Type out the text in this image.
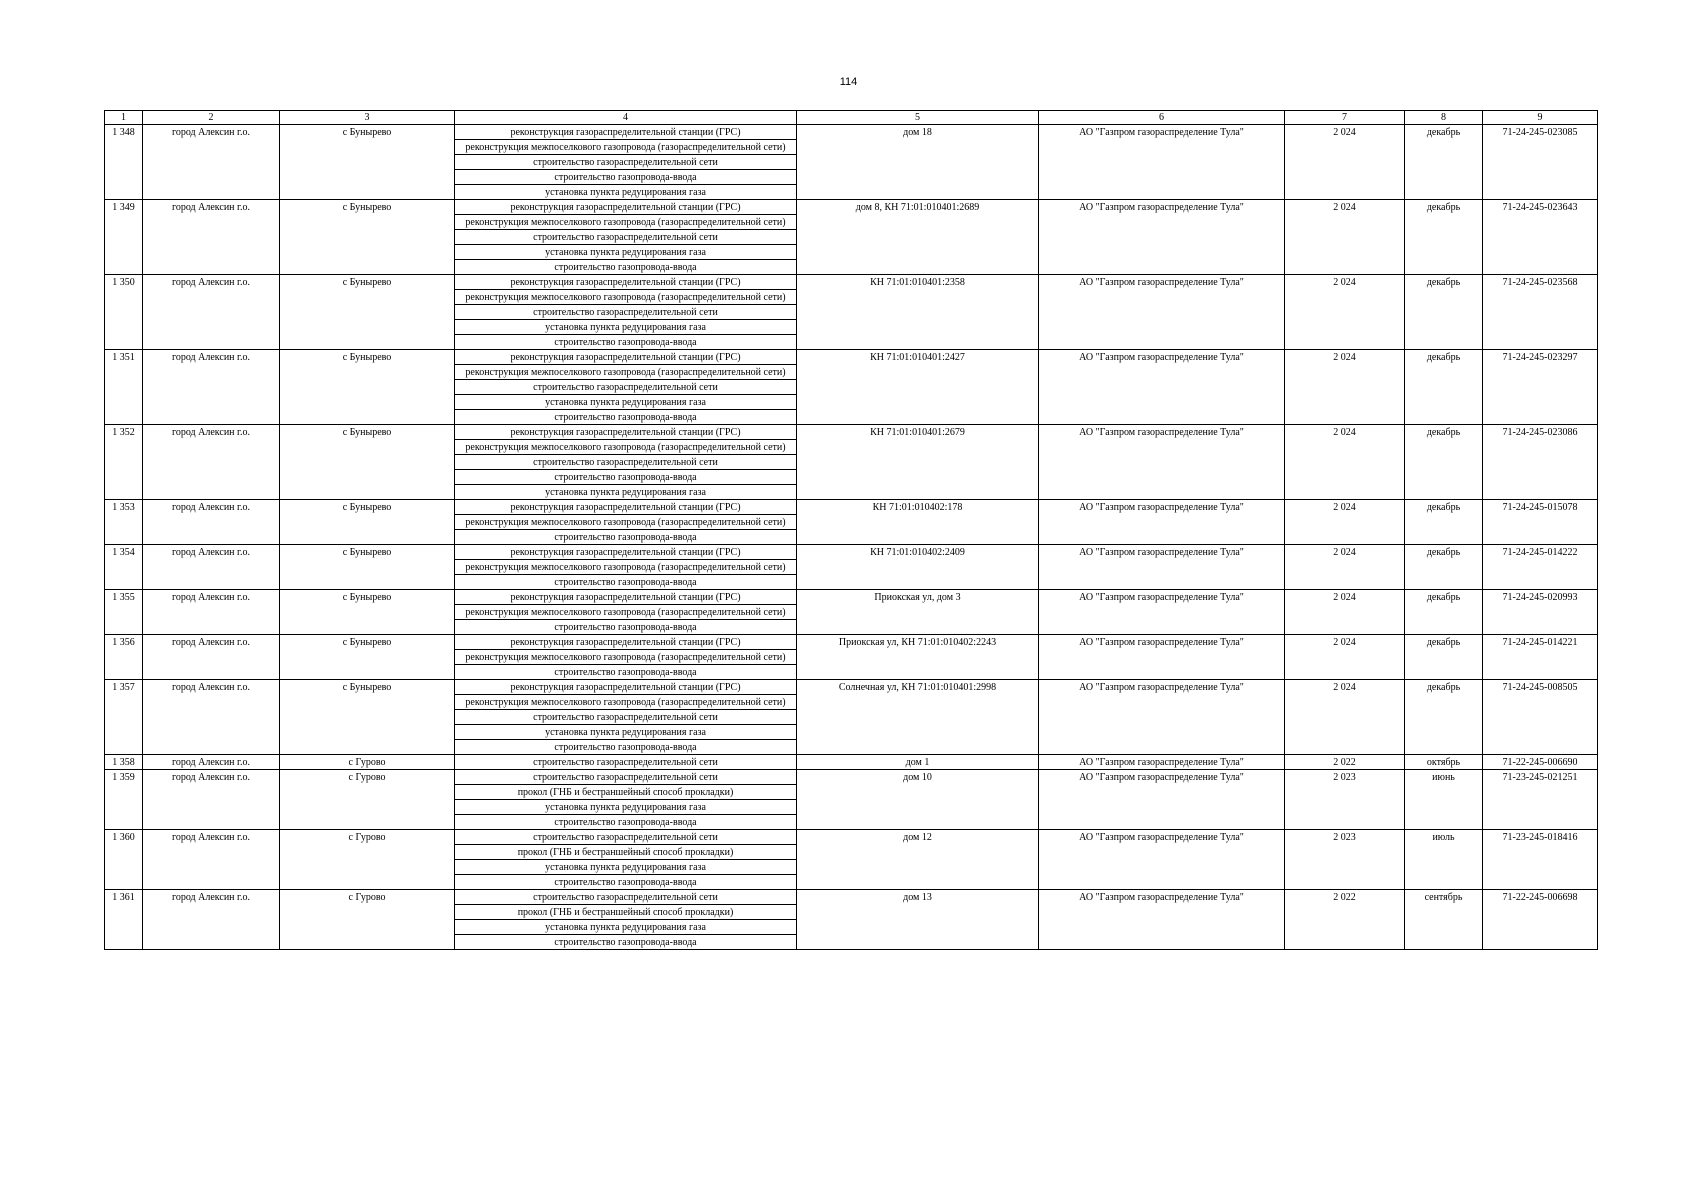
114
1	2	3	4	5	6	7	8	9
1 348	город Алексин г.о.	с Бунырево	реконструкция газораспределительной станции (ГРС)
реконструкция межпоселкового газопровода (газораспределительной сети)
строительство газораспределительной сети
строительство газопровода-ввода
установка пункта редуцирования газа	дом 18	АО "Газпром газораспределение Тула"	2 024	декабрь	71-24-245-023085
1 349	город Алексин г.о.	с Бунырево	реконструкция газораспределительной станции (ГРС)
реконструкция межпоселкового газопровода (газораспределительной сети)
строительство газораспределительной сети
установка пункта редуцирования газа
строительство газопровода-ввода	дом 8, КН 71:01:010401:2689	АО "Газпром газораспределение Тула"	2 024	декабрь	71-24-245-023643
1 350	город Алексин г.о.	с Бунырево	реконструкция газораспределительной станции (ГРС)
реконструкция межпоселкового газопровода (газораспределительной сети)
строительство газораспределительной сети
установка пункта редуцирования газа
строительство газопровода-ввода	КН 71:01:010401:2358	АО "Газпром газораспределение Тула"	2 024	декабрь	71-24-245-023568
1 351	город Алексин г.о.	с Бунырево	реконструкция газораспределительной станции (ГРС)
реконструкция межпоселкового газопровода (газораспределительной сети)
строительство газораспределительной сети
установка пункта редуцирования газа
строительство газопровода-ввода	КН 71:01:010401:2427	АО "Газпром газораспределение Тула"	2 024	декабрь	71-24-245-023297
1 352	город Алексин г.о.	с Бунырево	реконструкция газораспределительной станции (ГРС)
реконструкция межпоселкового газопровода (газораспределительной сети)
строительство газораспределительной сети
строительство газопровода-ввода
установка пункта редуцирования газа	КН 71:01:010401:2679	АО "Газпром газораспределение Тула"	2 024	декабрь	71-24-245-023086
1 353	город Алексин г.о.	с Бунырево	реконструкция газораспределительной станции (ГРС)
реконструкция межпоселкового газопровода (газораспределительной сети)
строительство газопровода-ввода	КН 71:01:010402:178	АО "Газпром газораспределение Тула"	2 024	декабрь	71-24-245-015078
1 354	город Алексин г.о.	с Бунырево	реконструкция газораспределительной станции (ГРС)
реконструкция межпоселкового газопровода (газораспределительной сети)
строительство газопровода-ввода	КН 71:01:010402:2409	АО "Газпром газораспределение Тула"	2 024	декабрь	71-24-245-014222
1 355	город Алексин г.о.	с Бунырево	реконструкция газораспределительной станции (ГРС)
реконструкция межпоселкового газопровода (газораспределительной сети)
строительство газопровода-ввода	Приокская ул, дом 3	АО "Газпром газораспределение Тула"	2 024	декабрь	71-24-245-020993
1 356	город Алексин г.о.	с Бунырево	реконструкция газораспределительной станции (ГРС)
реконструкция межпоселкового газопровода (газораспределительной сети)
строительство газопровода-ввода	Приокская ул, КН 71:01:010402:2243	АО "Газпром газораспределение Тула"	2 024	декабрь	71-24-245-014221
1 357	город Алексин г.о.	с Бунырево	реконструкция газораспределительной станции (ГРС)
реконструкция межпоселкового газопровода (газораспределительной сети)
строительство газораспределительной сети
установка пункта редуцирования газа
строительство газопровода-ввода	Солнечная ул, КН 71:01:010401:2998	АО "Газпром газораспределение Тула"	2 024	декабрь	71-24-245-008505
1 358	город Алексин г.о.	с Гурово	строительство газораспределительной сети	дом 1	АО "Газпром газораспределение Тула"	2 022	октябрь	71-22-245-006690
1 359	город Алексин г.о.	с Гурово	строительство газораспределительной сети
прокол (ГНБ и бестраншейный способ прокладки)
установка пункта редуцирования газа
строительство газопровода-ввода	дом 10	АО "Газпром газораспределение Тула"	2 023	июнь	71-23-245-021251
1 360	город Алексин г.о.	с Гурово	строительство газораспределительной сети
прокол (ГНБ и бестраншейный способ прокладки)
установка пункта редуцирования газа
строительство газопровода-ввода	дом 12	АО "Газпром газораспределение Тула"	2 023	июль	71-23-245-018416
1 361	город Алексин г.о.	с Гурово	строительство газораспределительной сети
прокол (ГНБ и бестраншейный способ прокладки)
установка пункта редуцирования газа
строительство газопровода-ввода	дом 13	АО "Газпром газораспределение Тула"	2 022	сентябрь	71-22-245-006698
